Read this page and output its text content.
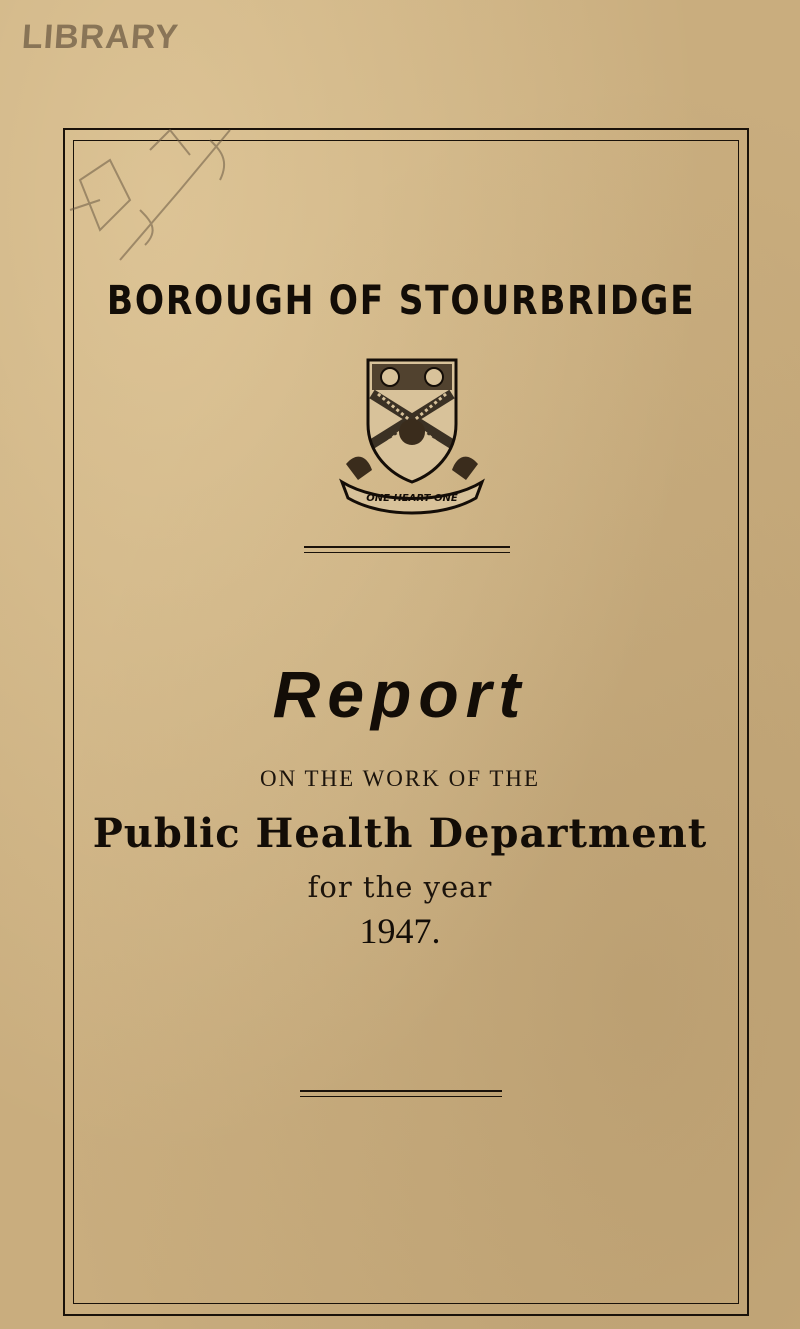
LIBRARY
BOROUGH OF STOURBRIDGE
ONE HEART ONE
Report
ON THE WORK OF THE
Public Health Department
for the year
1947.
